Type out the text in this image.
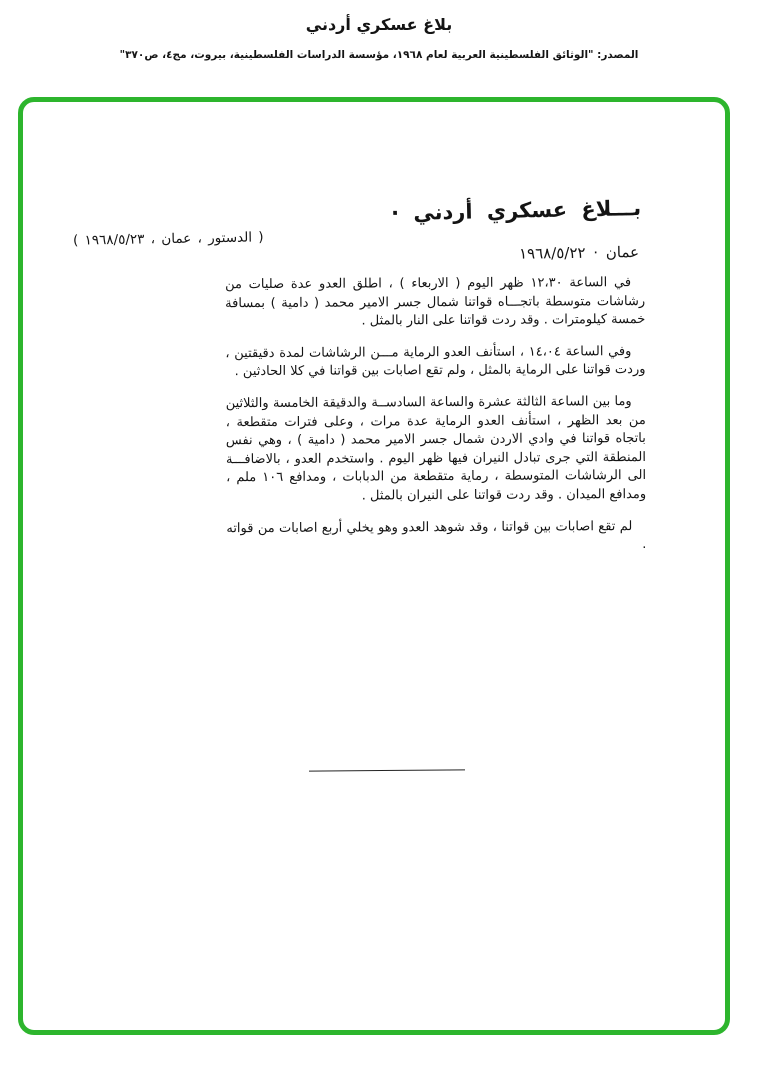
بلاغ عسكري أردني
المصدر: "الوثائق الفلسطينية العربية لعام ١٩٦٨، مؤسسة الدراسات الفلسطينية، بيروت، مج٤، ص٣٧٠"
بـــلاغ عسكري أردني ·
عمان · ١٩٦٨/٥/٢٢
( الدستور ، عمان ، ١٩٦٨/٥/٢٣ )

في الساعة ١٢،٣٠ ظهر اليوم ( الاربعاء ) ، اطلق العدو عدة صليات من رشاشات متوسطة باتجـــاه قواتنا شمال جسر الامير محمد ( دامية ) بمسافة خمسة كيلومترات . وقد ردت قواتنا على النار بالمثل .

وفي الساعة ١٤،٠٤ ، استأنف العدو الرماية مـــن الرشاشات لمدة دقيقتين ، وردت قواتنا على الرماية بالمثل ، ولم تقع اصابات بين قواتنا في كلا الحادثين .

وما بين الساعة الثالثة عشرة والساعة السادســة والدقيقة الخامسة والثلاثين من بعد الظهر ، استأنف العدو الرماية عدة مرات ، وعلى فترات متقطعة ، باتجاه قواتنا في وادي الاردن شمال جسر الامير محمد ( دامية ) ، وهي نفس المنطقة التي جرى تبادل النيران فيها ظهر اليوم . واستخدم العدو ، بالاضافـــة الى الرشاشات المتوسطة ، رماية متقطعة من الدبابات ، ومدافع ١٠٦ ملم ، ومدافع الميدان . وقد ردت قواتنا على النيران بالمثل .

لم تقع اصابات بين قواتنا ، وقد شوهد العدو وهو يخلي أربع اصابات من قواته .
